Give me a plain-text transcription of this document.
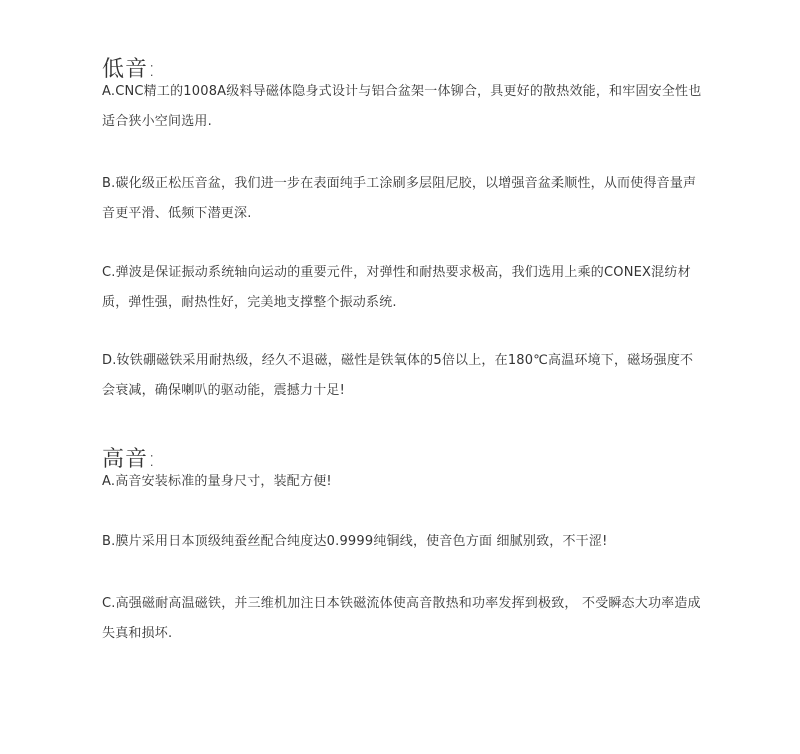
低音:
A.CNC精工的1008A级料导磁体隐身式设计与铝合盆架一体铆合，具更好的散热效能，和牢固安全性也适合狭小空间选用.
B.碳化级正松压音盆，我们进一步在表面纯手工涂刷多层阻尼胶，以增强音盆柔顺性，从而使得音量声音更平滑、低频下潜更深.
C.弹波是保证振动系统轴向运动的重要元件，对弹性和耐热要求极高，我们选用上乘的CONEX混纺材质，弹性强，耐热性好，完美地支撑整个振动系统.
D.钕铁硼磁铁采用耐热级，经久不退磁，磁性是铁氧体的5倍以上，在180℃高温环境下，磁场强度不会衰减，确保喇叭的驱动能，震撼力十足!
高音:
A.高音安装标准的量身尺寸，装配方便!
B.膜片采用日本顶级纯蚕丝配合纯度达0.9999纯铜线，使音色方面 细腻别致，不干涩!
C.高强磁耐高温磁铁，并三维机加注日本铁磁流体使高音散热和功率发挥到极致， 不受瞬态大功率造成失真和损坏.
